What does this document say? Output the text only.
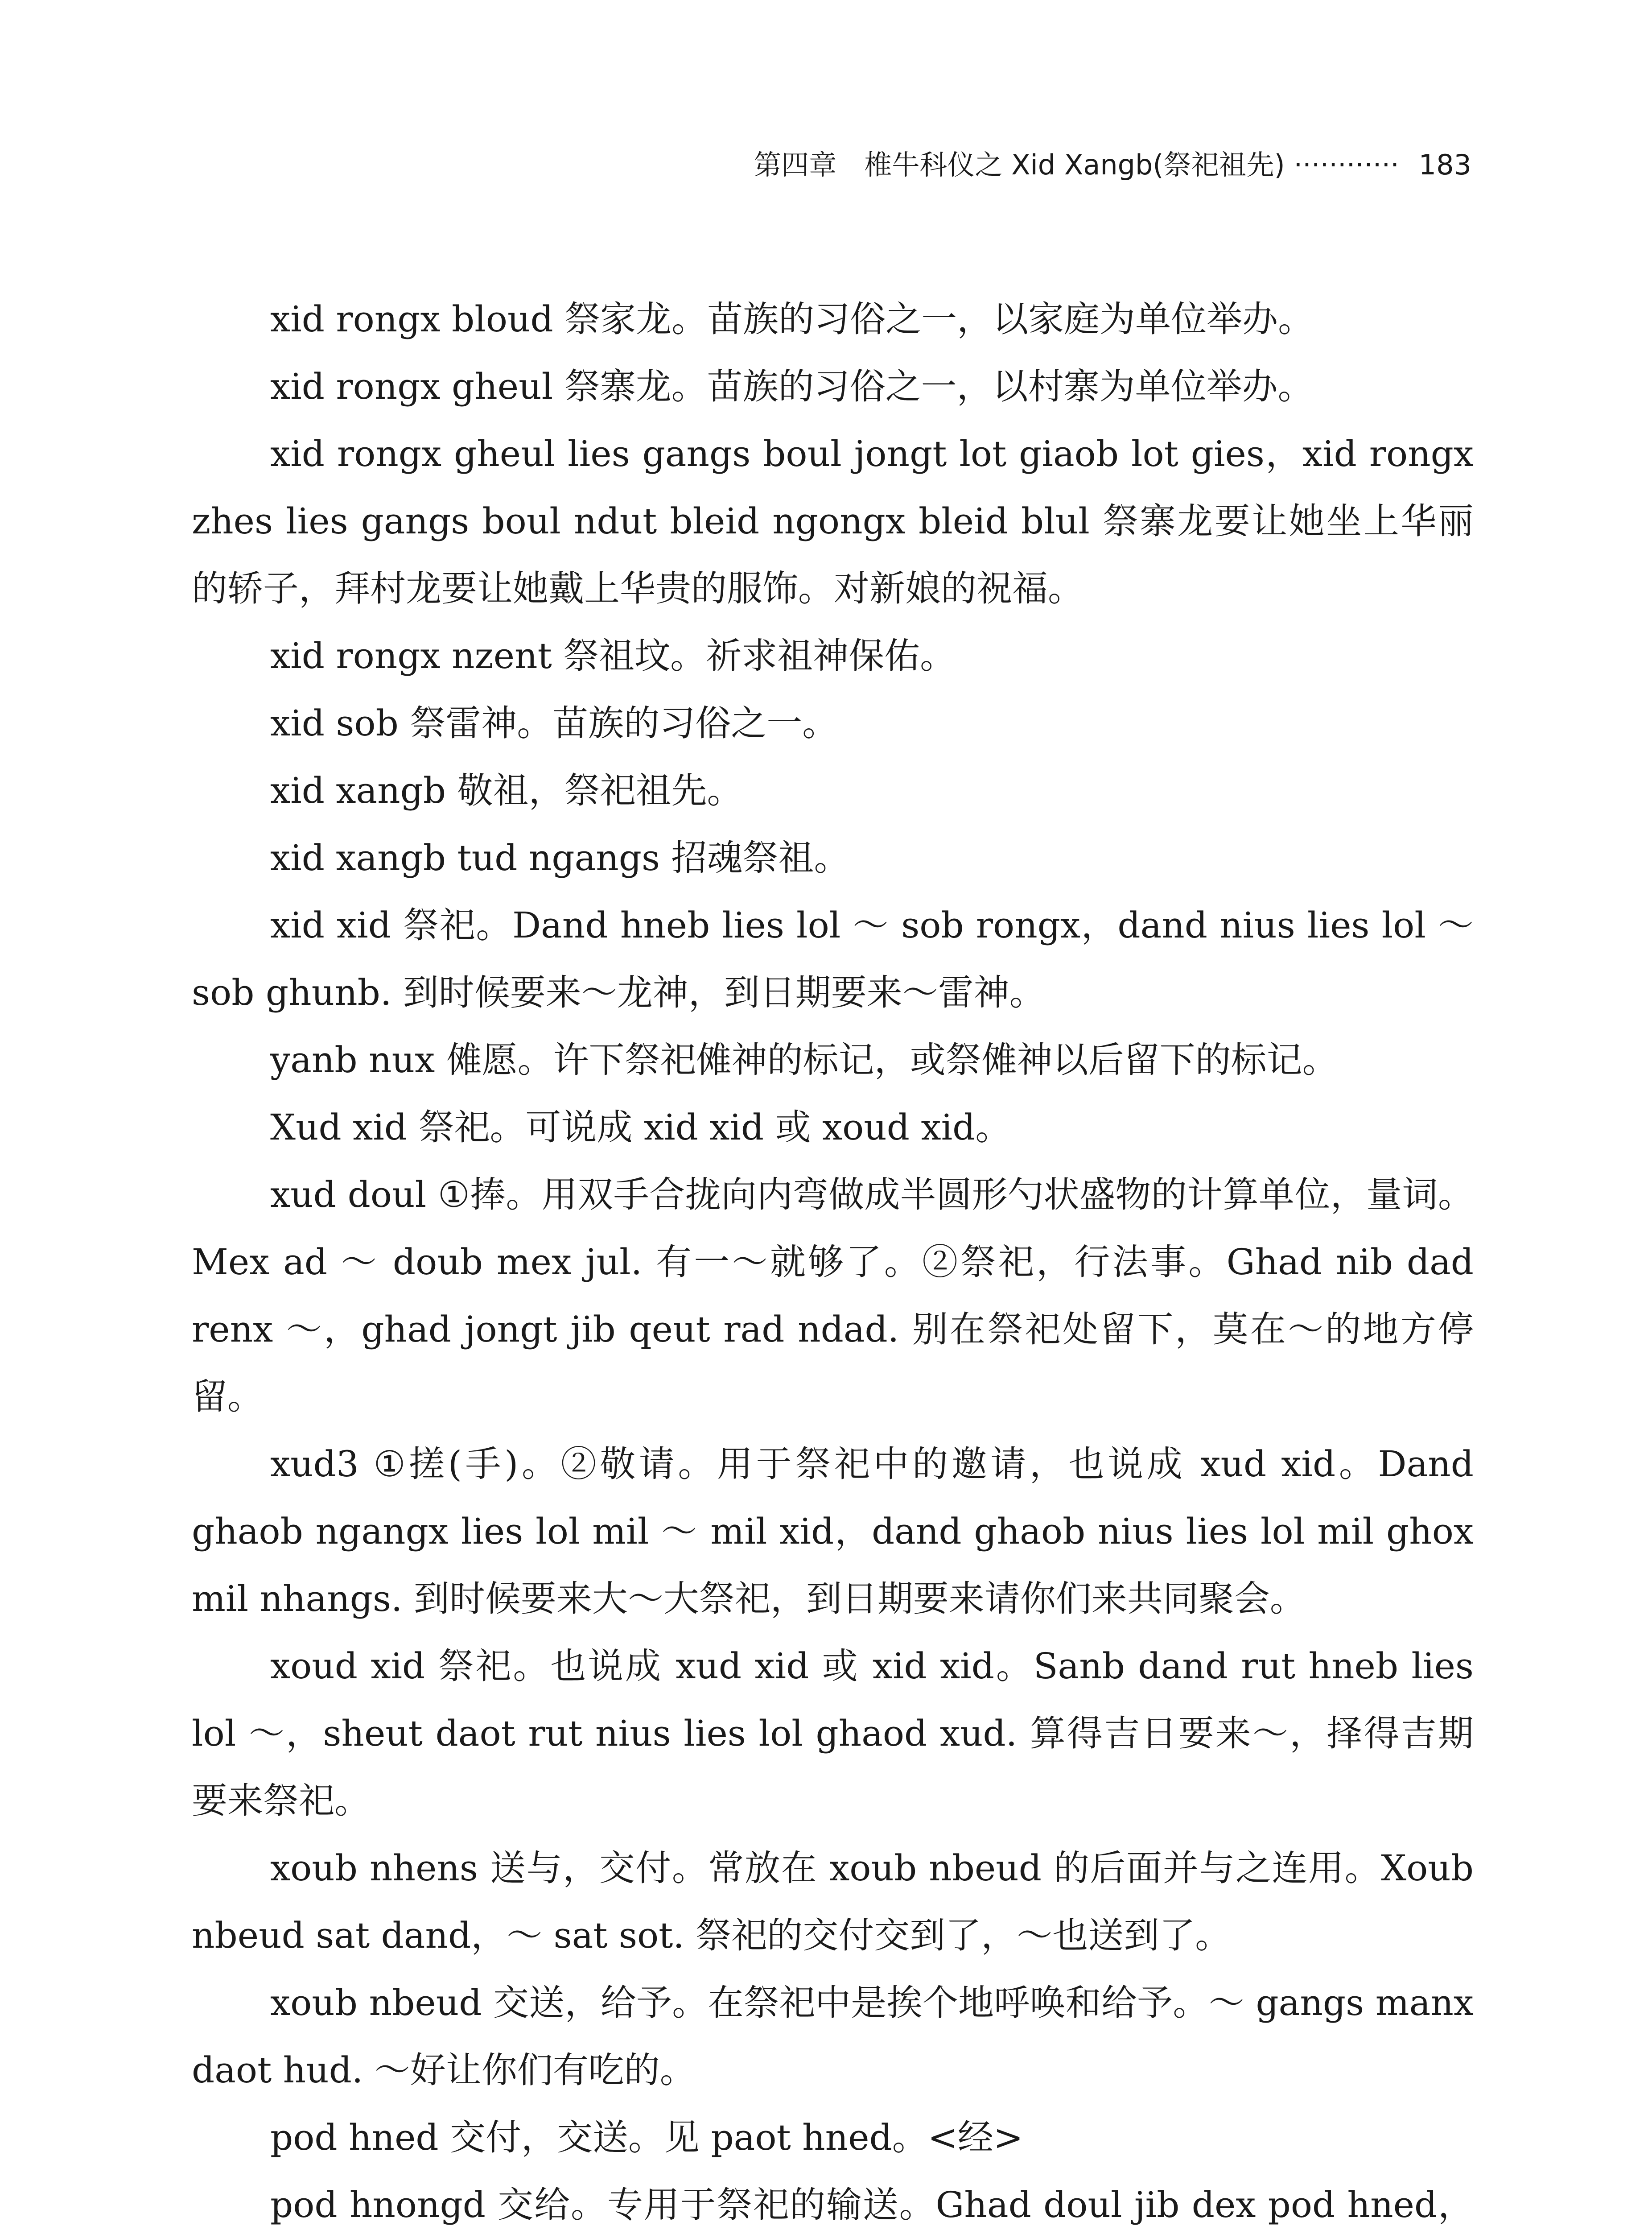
第四章　椎牛科仪之 Xid Xangb(祭祀祖先) ············ 183

xid rongx bloud 祭家龙。苗族的习俗之一，以家庭为单位举办。

xid rongx gheul 祭寨龙。苗族的习俗之一，以村寨为单位举办。

xid rongx gheul lies gangs boul jongt lot giaob lot gies，xid rongx zhes lies gangs boul ndut bleid ngongx bleid blul 祭寨龙要让她坐上华丽的轿子，拜村龙要让她戴上华贵的服饰。对新娘的祝福。

xid rongx nzent 祭祖坟。祈求祖神保佑。

xid sob 祭雷神。苗族的习俗之一。

xid xangb 敬祖，祭祀祖先。

xid xangb tud ngangs 招魂祭祖。

xid xid 祭祀。Dand hneb lies lol ～ sob rongx，dand nius lies lol ～ sob ghunb. 到时候要来～龙神，到日期要来～雷神。

yanb nux 傩愿。许下祭祀傩神的标记，或祭傩神以后留下的标记。

Xud xid 祭祀。可说成 xid xid 或 xoud xid。

xud doul ①捧。用双手合拢向内弯做成半圆形勺状盛物的计算单位，量词。Mex ad ～ doub mex jul. 有一～就够了。②祭祀，行法事。Ghad nib dad renx ～，ghad jongt jib qeut rad ndad. 别在祭祀处留下，莫在～的地方停留。

xud3 ①搓(手)。②敬请。用于祭祀中的邀请，也说成 xud xid。Dand ghaob ngangx lies lol mil ～ mil xid，dand ghaob nius lies lol mil ghox mil nhangs. 到时候要来大～大祭祀，到日期要来请你们来共同聚会。

xoud xid 祭祀。也说成 xud xid 或 xid xid。Sanb dand rut hneb lies lol ～，sheut daot rut nius lies lol ghaod xud. 算得吉日要来～，择得吉期要来祭祀。

xoub nhens 送与，交付。常放在 xoub nbeud 的后面并与之连用。Xoub nbeud sat dand，～ sat sot. 祭祀的交付交到了，～也送到了。

xoub nbeud 交送，给予。在祭祀中是挨个地呼唤和给予。～ gangs manx daot hud. ～好让你们有吃的。

pod hned 交付，交送。见 paot hned。<经>

pod hnongd 交给。专用于祭祀的输送。Ghad doul jib dex pod hned，
